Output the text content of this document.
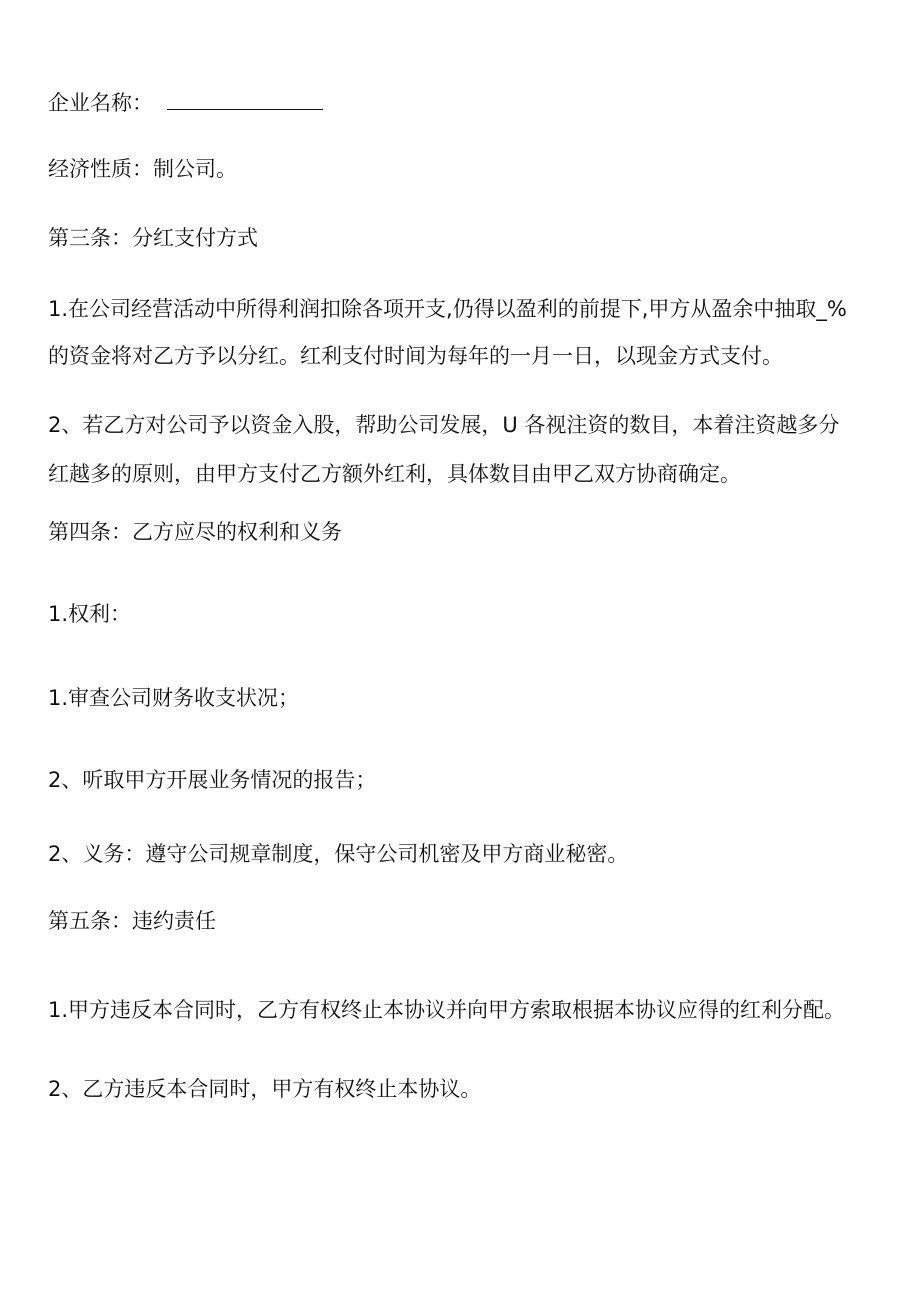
企业名称：
经济性质：制公司。
第三条：分红支付方式
1.在公司经营活动中所得利润扣除各项开支,仍得以盈利的前提下,甲方从盈余中抽取_%
的资金将对乙方予以分红。红利支付时间为每年的一月一日，以现金方式支付。
2、若乙方对公司予以资金入股，帮助公司发展，U 各视注资的数目，本着注资越多分
红越多的原则，由甲方支付乙方额外红利，具体数目由甲乙双方协商确定。
第四条：乙方应尽的权利和义务
1.权利：
1.审查公司财务收支状况；
2、听取甲方开展业务情况的报告；
2、义务：遵守公司规章制度，保守公司机密及甲方商业秘密。
第五条：违约责任
1.甲方违反本合同时，乙方有权终止本协议并向甲方索取根据本协议应得的红利分配。
2、乙方违反本合同时，甲方有权终止本协议。
